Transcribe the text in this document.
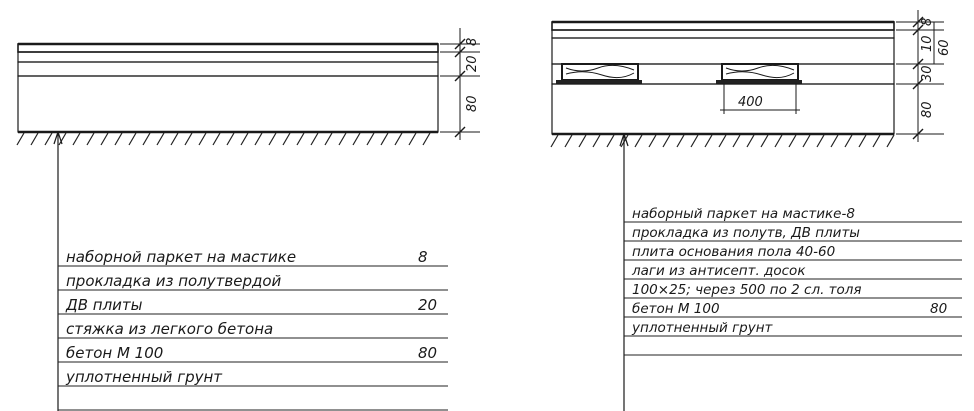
8
20
80
наборной паркет на мастике	8
прокладка из полутвердой
ДВ плиты	20
стяжка из легкого бетона
бетон М 100	80
уплотненный грунт
400
8
10 60
30
80
наборный паркет на мастике-8
прокладка из полутв, ДВ плиты
плита основания пола 40-60
лаги из антисепт. досок
100×25; через 500 по 2 сл. толя
бетон М 100	80
уплотненный грунт
